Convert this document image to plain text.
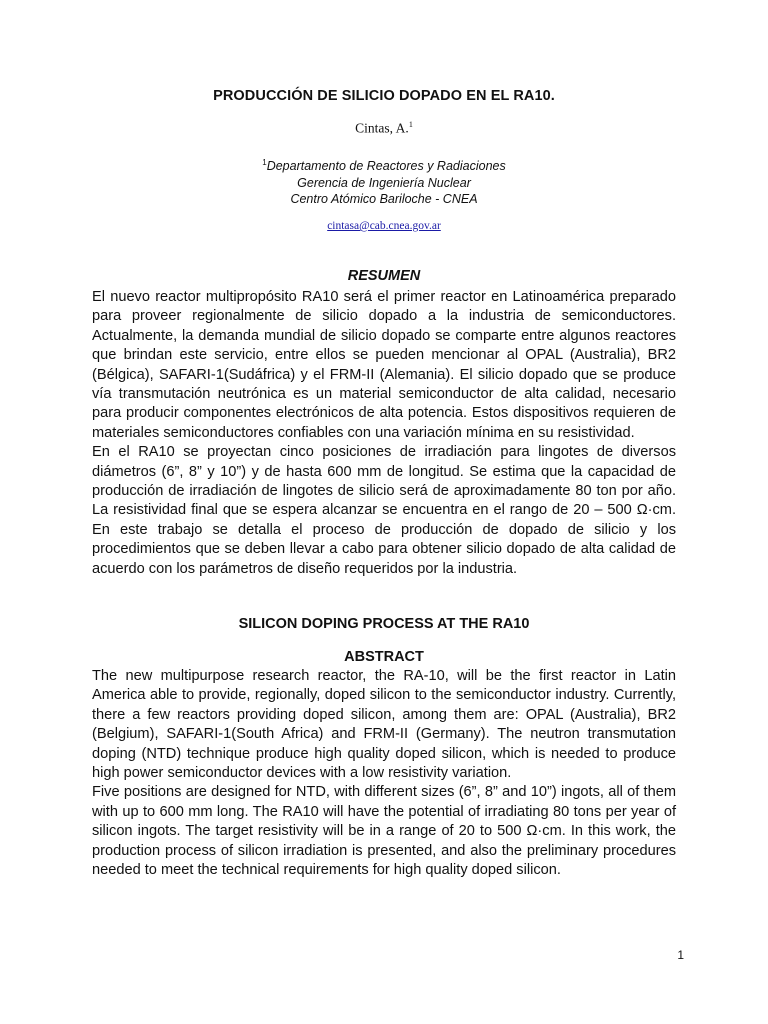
PRODUCCIÓN DE SILICIO DOPADO EN EL RA10.
Cintas, A.$^1$
$^1$Departamento de Reactores y Radiaciones
Gerencia de Ingeniería Nuclear
Centro Atómico Bariloche - CNEA
cintasa@cab.cnea.gov.ar
RESUMEN

El nuevo reactor multipropósito RA10 será el primer reactor en Latinoamérica preparado para proveer regionalmente de silicio dopado a la industria de semiconductores. Actualmente, la demanda mundial de silicio dopado se comparte entre algunos reactores que brindan este servicio, entre ellos se pueden mencionar al OPAL (Australia), BR2 (Bélgica), SAFARI-1(Sudáfrica) y el FRM-II (Alemania). El silicio dopado que se produce vía transmutación neutrónica es un material semiconductor de alta calidad, necesario para producir componentes electrónicos de alta potencia. Estos dispositivos requieren de materiales semiconductores confiables con una variación mínima en su resistividad.

En el RA10 se proyectan cinco posiciones de irradiación para lingotes de diversos diámetros (6”, 8” y 10”) y de hasta 600 mm de longitud. Se estima que la capacidad de producción de irradiación de lingotes de silicio será de aproximadamente 80 ton por año. La resistividad final que se espera alcanzar se encuentra en el rango de 20 – 500 Ω·cm. En este trabajo se detalla el proceso de producción de dopado de silicio y los procedimientos que se deben llevar a cabo para obtener silicio dopado de alta calidad de acuerdo con los parámetros de diseño requeridos por la industria.

SILICON DOPING PROCESS AT THE RA10
ABSTRACT

The new multipurpose research reactor, the RA-10, will be the first reactor in Latin America able to provide, regionally, doped silicon to the semiconductor industry. Currently, there a few reactors providing doped silicon, among them are: OPAL (Australia), BR2 (Belgium), SAFARI-1(South Africa) and FRM-II (Germany). The neutron transmutation doping (NTD) technique produce high quality doped silicon, which is needed to produce high power semiconductor devices with a low resistivity variation.

Five positions are designed for NTD, with different sizes (6”, 8” and 10”) ingots, all of them with up to 600 mm long. The RA10 will have the potential of irradiating 80 tons per year of silicon ingots. The target resistivity will be in a range of 20 to 500 Ω·cm. In this work, the production process of silicon irradiation is presented, and also the preliminary procedures needed to meet the technical requirements for high quality doped silicon.

1
